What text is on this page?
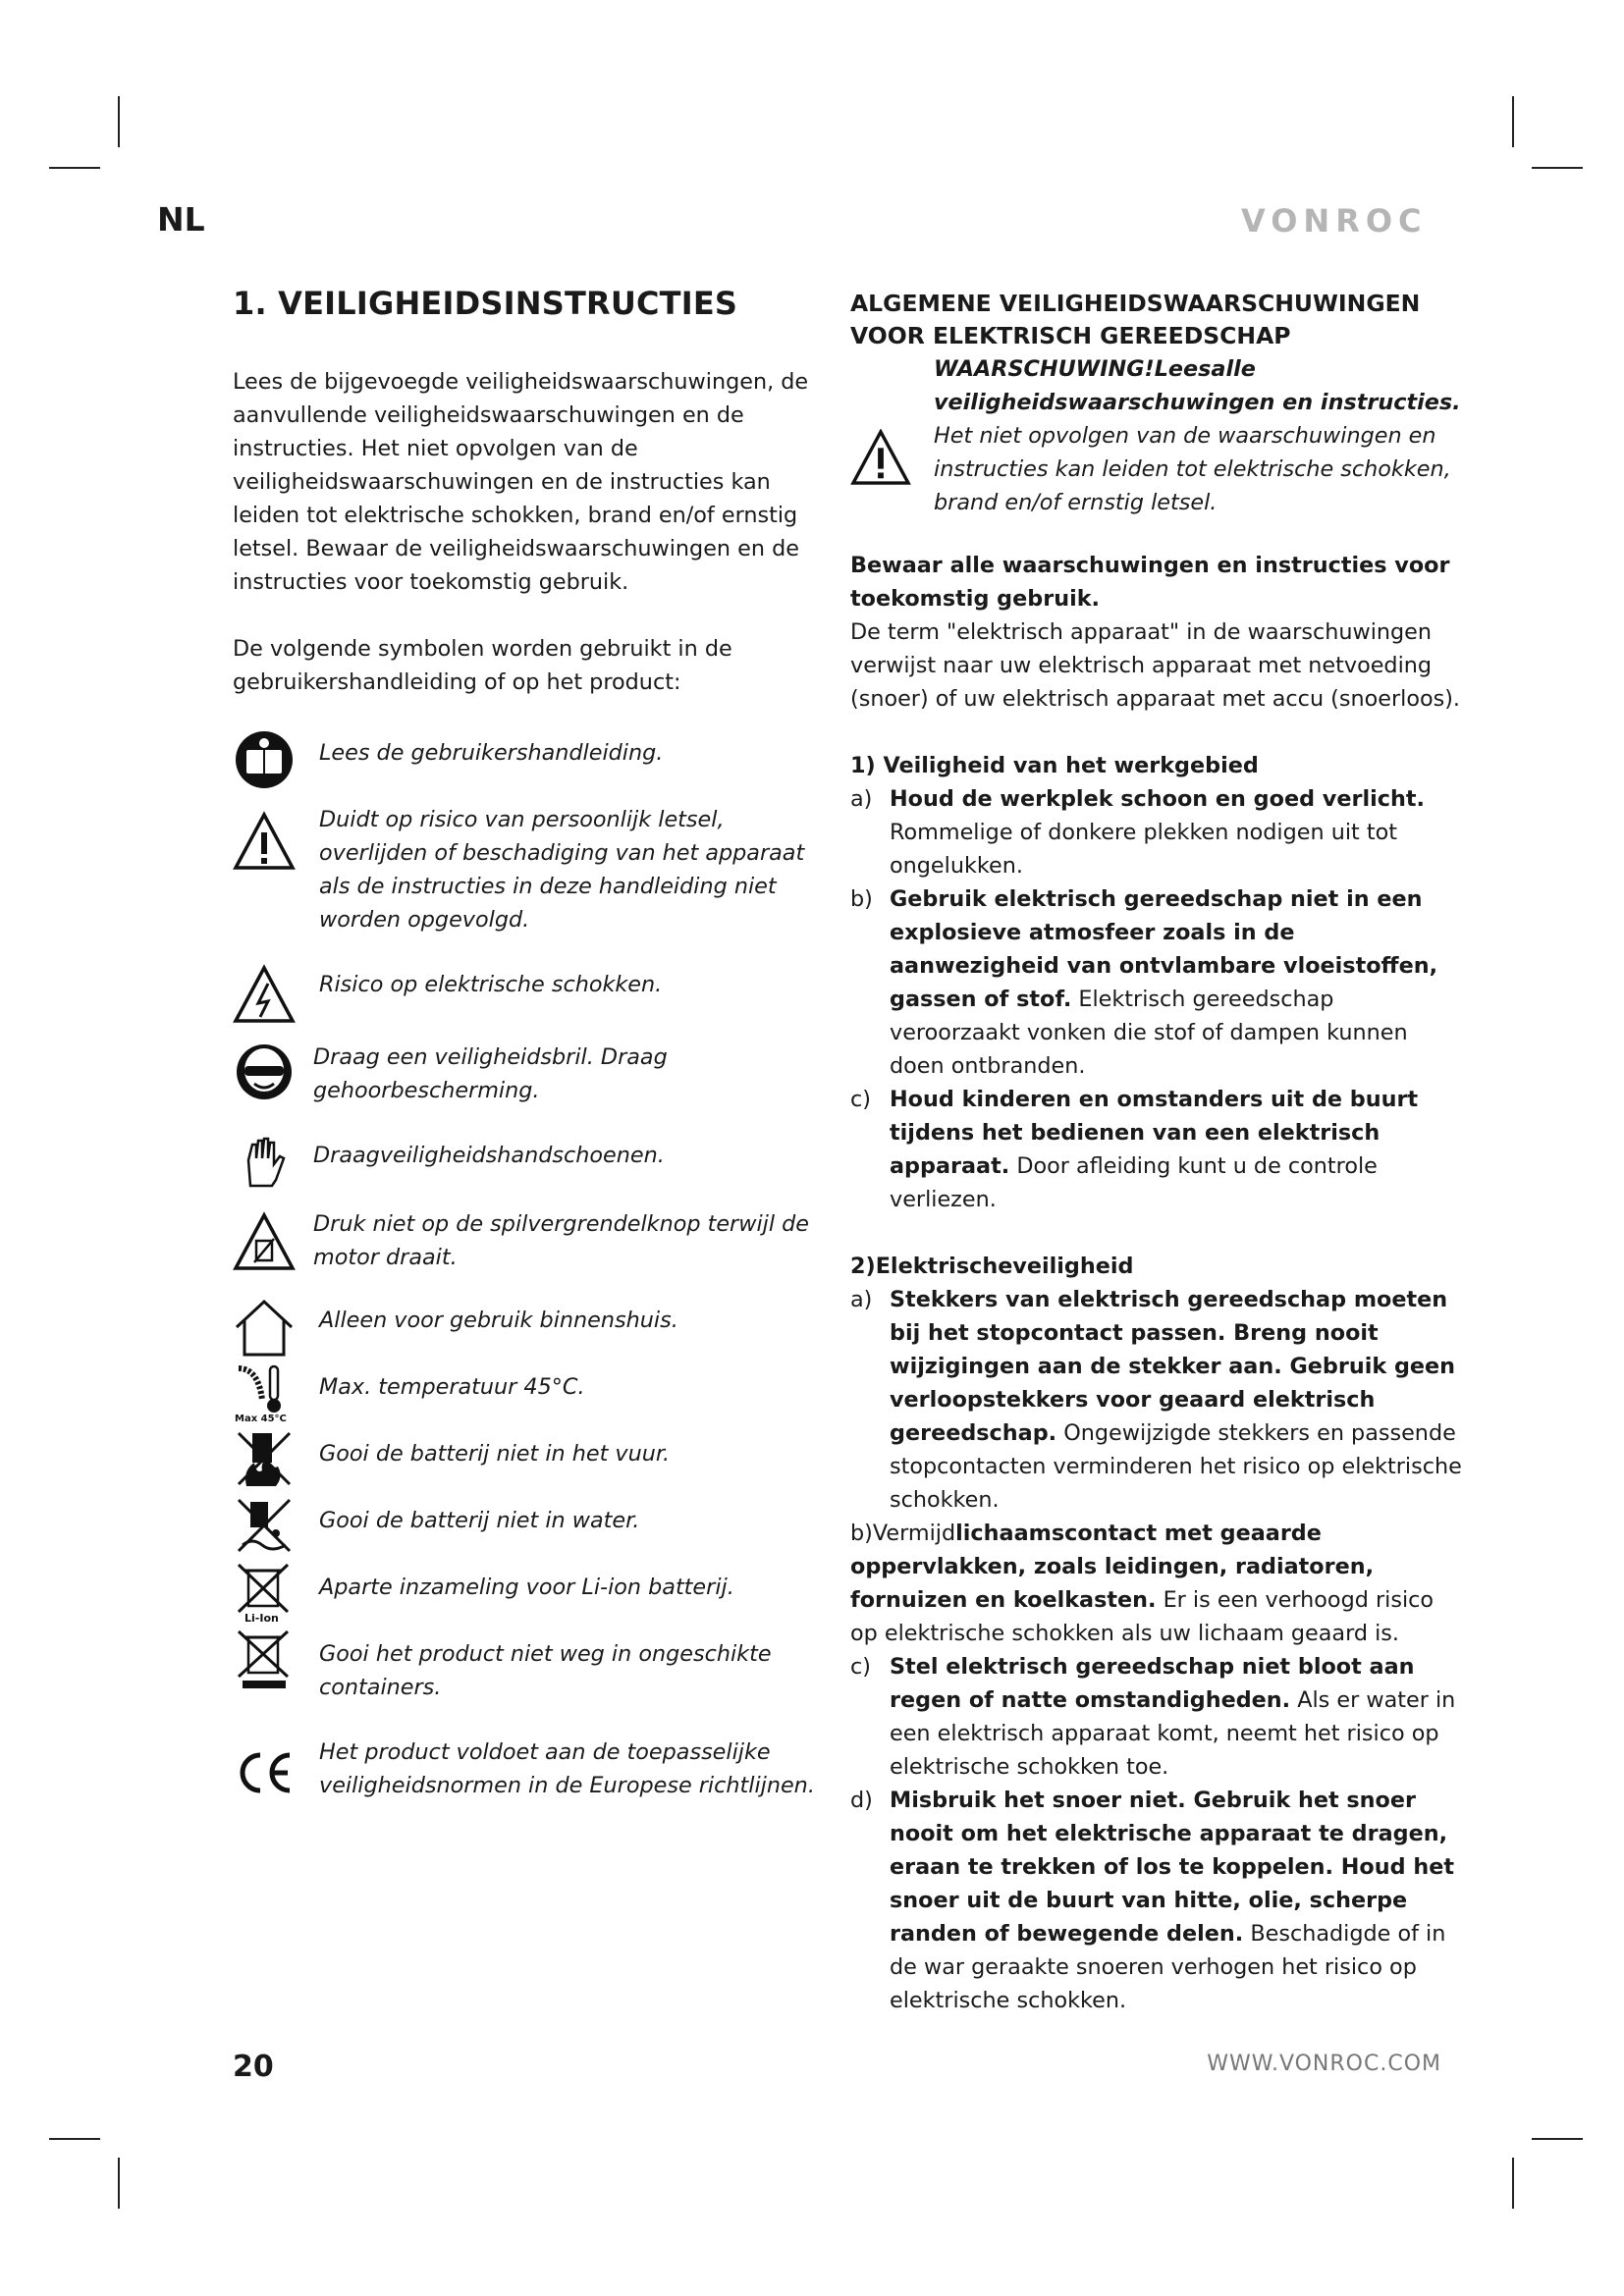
NL	VONROC
1. VEILIGHEIDSINSTRUCTIES

Lees de bijgevoegde veiligheidswaarschuwingen, de aanvullende veiligheidswaarschuwingen en de instructies. Het niet opvolgen van de veiligheidswaarschuwingen en de instructies kan leiden tot elektrische schokken, brand en/of ernstig letsel. Bewaar de veiligheidswaarschuwingen en de instructies voor toekomstig gebruik.

De volgende symbolen worden gebruikt in de gebruikershandleiding of op het product:

Lees de gebruikershandleiding.
Duidt op risico van persoonlijk letsel, overlijden of beschadiging van het apparaat als de instructies in deze handleiding niet worden opgevolgd.
Risico op elektrische schokken.
Draag een veiligheidsbril. Draag gehoorbescherming.
Draagveiligheidshandschoenen.
Druk niet op de spilvergrendelknop terwijl de motor draait.
Alleen voor gebruik binnenshuis.
Max 45°C
Max. temperatuur 45°C.
Gooi de batterij niet in het vuur.
Gooi de batterij niet in water.
Li-Ion
Aparte inzameling voor Li-ion batterij.
Gooi het product niet weg in ongeschikte containers.
Het product voldoet aan de toepasselijke veiligheidsnormen in de Europese richtlijnen.
ALGEMENE VEILIGHEIDSWAARSCHUWINGEN VOOR ELEKTRISCH GEREEDSCHAP
WAARSCHUWING!Leesalle veiligheidswaarschuwingen en instructies. Het niet opvolgen van de waarschuwingen en instructies kan leiden tot elektrische schokken, brand en/of ernstig letsel.

Bewaar alle waarschuwingen en instructies voor toekomstig gebruik.

De term "elektrisch apparaat" in de waarschuwingen verwijst naar uw elektrisch apparaat met netvoeding (snoer) of uw elektrisch apparaat met accu (snoerloos).

1) Veiligheid van het werkgebied

a) Houd de werkplek schoon en goed verlicht. Rommelige of donkere plekken nodigen uit tot ongelukken.
b) Gebruik elektrisch gereedschap niet in een explosieve atmosfeer zoals in de aanwezigheid van ontvlambare vloeistoffen, gassen of stof. Elektrisch gereedschap veroorzaakt vonken die stof of dampen kunnen doen ontbranden.
c) Houd kinderen en omstanders uit de buurt tijdens het bedienen van een elektrisch apparaat. Door afleiding kunt u de controle verliezen.

2)Elektrischeveiligheid

a) Stekkers van elektrisch gereedschap moeten bij het stopcontact passen. Breng nooit wijzigingen aan de stekker aan. Gebruik geen verloopstekkers voor geaard elektrisch gereedschap. Ongewijzigde stekkers en passende stopcontacten verminderen het risico op elektrische schokken.
b)Vermijdlichaamscontact met geaarde oppervlakken, zoals leidingen, radiatoren, fornuizen en koelkasten. Er is een verhoogd risico op elektrische schokken als uw lichaam geaard is.
c) Stel elektrisch gereedschap niet bloot aan regen of natte omstandigheden. Als er water in een elektrisch apparaat komt, neemt het risico op elektrische schokken toe.
d) Misbruik het snoer niet. Gebruik het snoer nooit om het elektrische apparaat te dragen, eraan te trekken of los te koppelen. Houd het snoer uit de buurt van hitte, olie, scherpe randen of bewegende delen. Beschadigde of in de war geraakte snoeren verhogen het risico op elektrische schokken.
20	WWW.VONROC.COM
